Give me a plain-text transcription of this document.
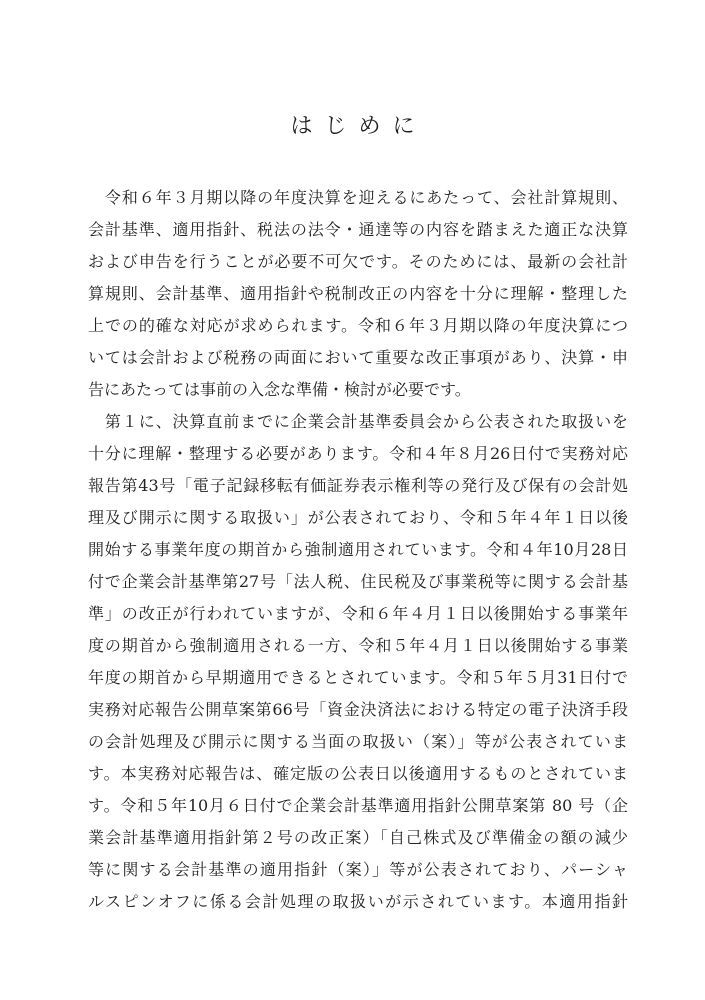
はじめに
　令和６年３月期以降の年度決算を迎えるにあたって、会社計算規則、
会計基準、適用指針、税法の法令・通達等の内容を踏まえた適正な決算
および申告を行うことが必要不可欠です。そのためには、最新の会社計
算規則、会計基準、適用指針や税制改正の内容を十分に理解・整理した
上での的確な対応が求められます。令和６年３月期以降の年度決算につ
いては会計および税務の両面において重要な改正事項があり、決算・申
告にあたっては事前の入念な準備・検討が必要です。
　第１に、決算直前までに企業会計基準委員会から公表された取扱いを
十分に理解・整理する必要があります。令和４年８月26日付で実務対応
報告第43号「電子記録移転有価証券表示権利等の発行及び保有の会計処
理及び開示に関する取扱い」が公表されており、令和５年４年１日以後
開始する事業年度の期首から強制適用されています。令和４年10月28日
付で企業会計基準第27号「法人税、住民税及び事業税等に関する会計基
準」の改正が行われていますが、令和６年４月１日以後開始する事業年
度の期首から強制適用される一方、令和５年４月１日以後開始する事業
年度の期首から早期適用できるとされています。令和５年５月31日付で
実務対応報告公開草案第66号「資金決済法における特定の電子決済手段
の会計処理及び開示に関する当面の取扱い（案）」等が公表されていま
す。本実務対応報告は、確定版の公表日以後適用するものとされていま
す。令和５年10月６日付で企業会計基準適用指針公開草案第 80 号（企
業会計基準適用指針第２号の改正案）「自己株式及び準備金の額の減少
等に関する会計基準の適用指針（案）」等が公表されており、パーシャ
ルスピンオフに係る会計処理の取扱いが示されています。本適用指針
